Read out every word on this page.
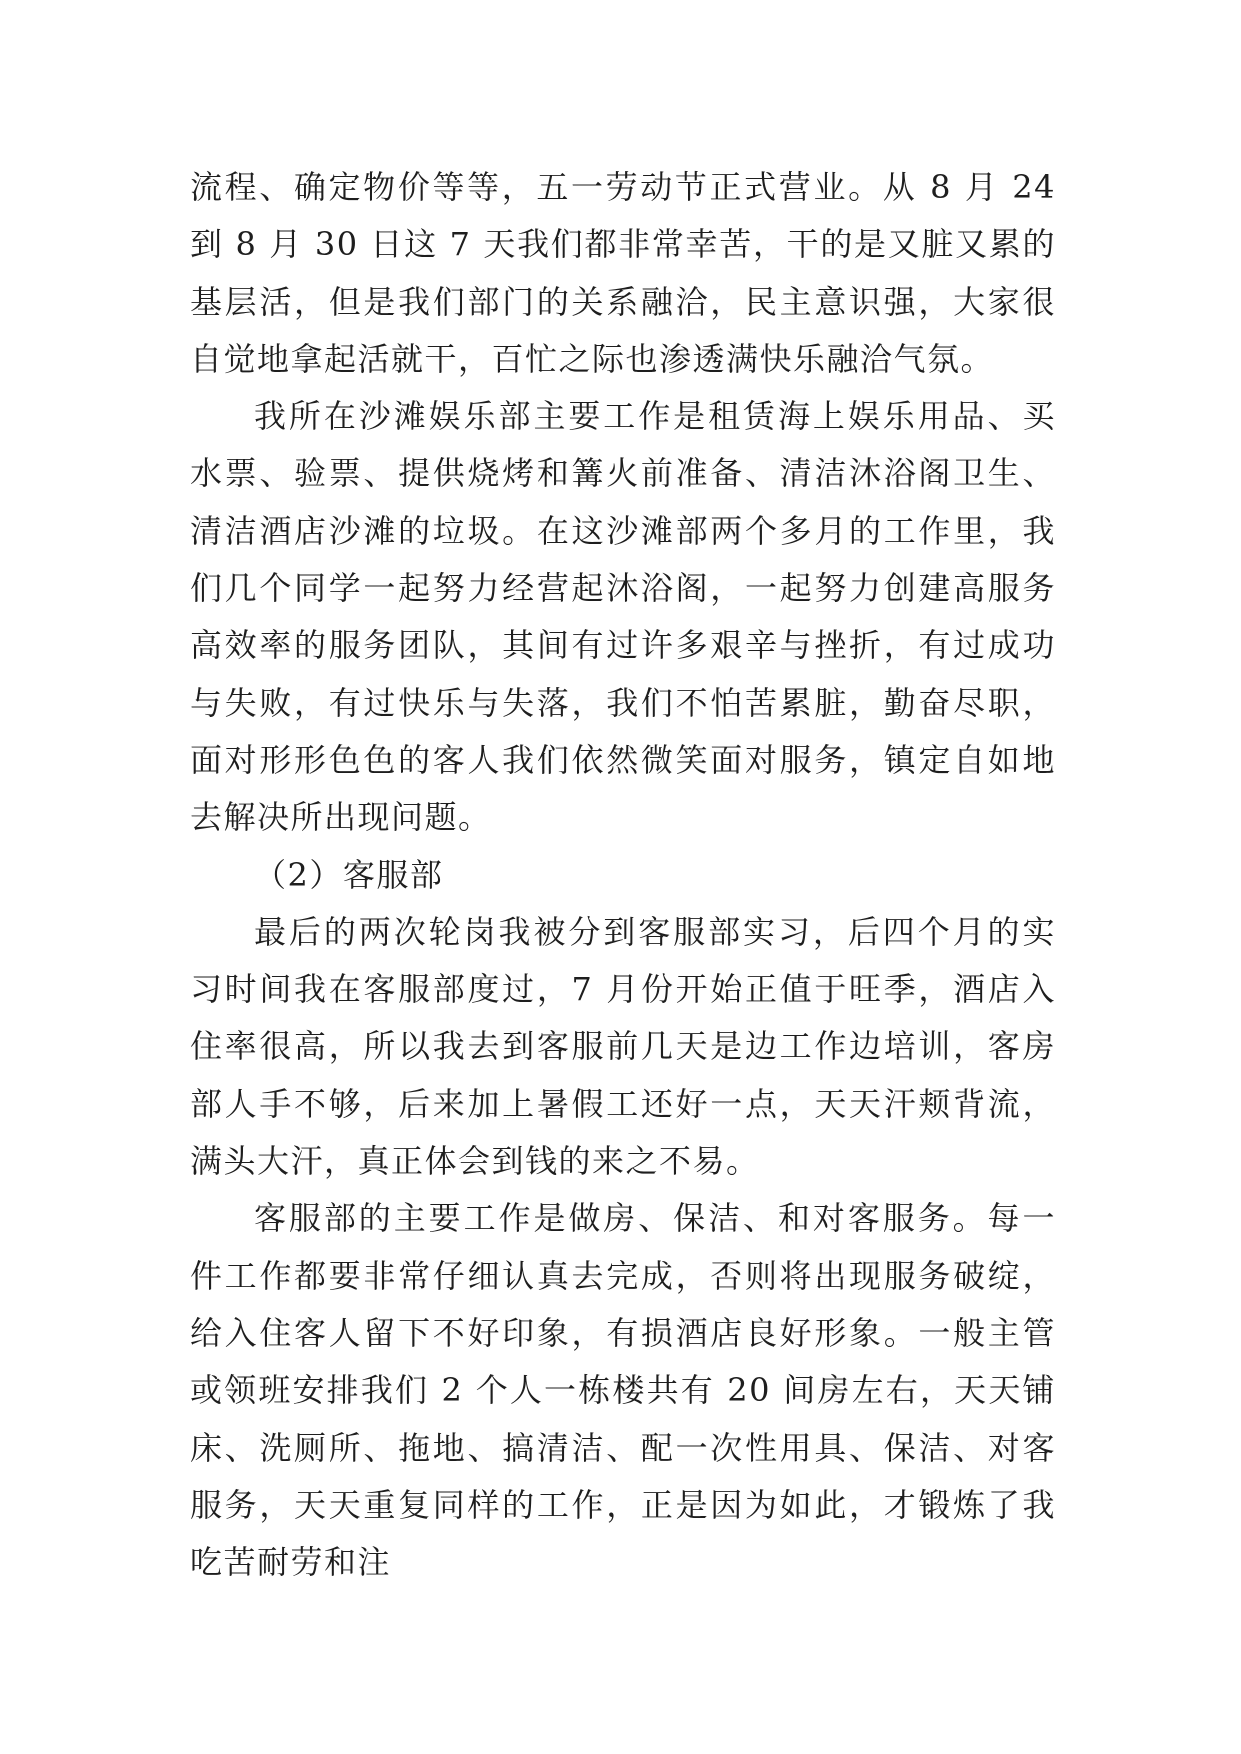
流程、确定物价等等，五一劳动节正式营业。从 8 月 24 到 8 月 30 日这 7 天我们都非常幸苦，干的是又脏又累的基层活，但是我们部门的关系融洽，民主意识强，大家很自觉地拿起活就干，百忙之际也渗透满快乐融洽气氛。

我所在沙滩娱乐部主要工作是租赁海上娱乐用品、买水票、验票、提供烧烤和篝火前准备、清洁沐浴阁卫生、清洁酒店沙滩的垃圾。在这沙滩部两个多月的工作里，我们几个同学一起努力经营起沐浴阁，一起努力创建高服务高效率的服务团队，其间有过许多艰辛与挫折，有过成功与失败，有过快乐与失落，我们不怕苦累脏，勤奋尽职，面对形形色色的客人我们依然微笑面对服务，镇定自如地去解决所出现问题。

（2）客服部

最后的两次轮岗我被分到客服部实习，后四个月的实习时间我在客服部度过，7 月份开始正值于旺季，酒店入住率很高，所以我去到客服前几天是边工作边培训，客房部人手不够，后来加上暑假工还好一点，天天汗颊背流，满头大汗，真正体会到钱的来之不易。

客服部的主要工作是做房、保洁、和对客服务。每一件工作都要非常仔细认真去完成，否则将出现服务破绽，给入住客人留下不好印象，有损酒店良好形象。一般主管或领班安排我们 2 个人一栋楼共有 20 间房左右，天天铺床、洗厕所、拖地、搞清洁、配一次性用具、保洁、对客服务，天天重复同样的工作，正是因为如此，才锻炼了我吃苦耐劳和注
